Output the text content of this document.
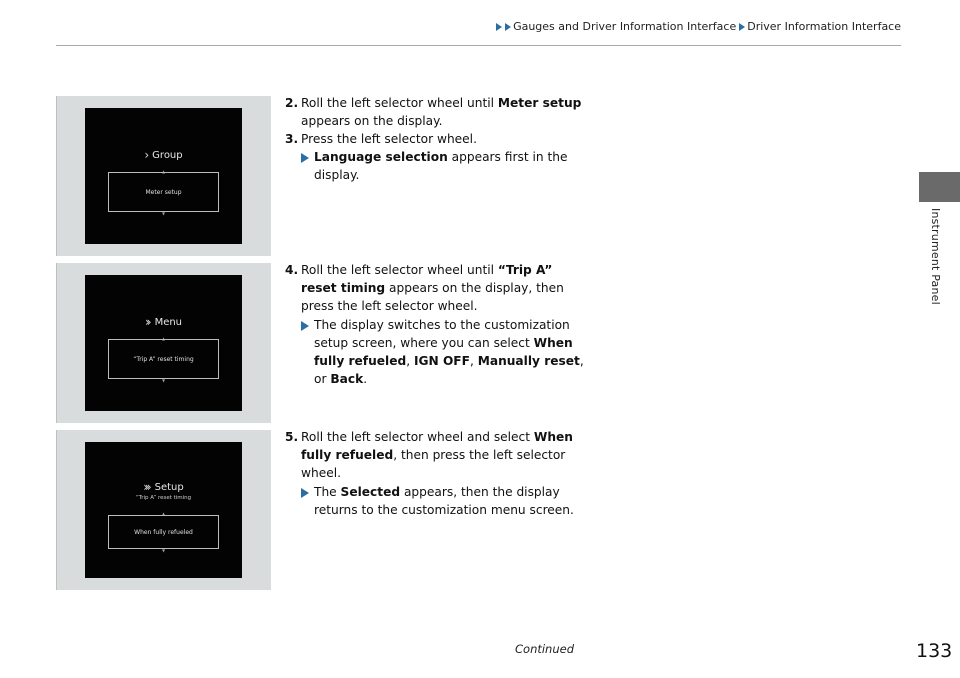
Gauges and Driver Information Interface Driver Information Interface
Instrument Panel
› Group
▲
Meter setup
▼
›› Menu
▲
“Trip A” reset timing
▼
››› Setup
“Trip A” reset timing
▲
When fully refueled
▼
2. Roll the left selector wheel until Meter setup appears on the display.
3. Press the left selector wheel.
Language selection appears first in the display.
4. Roll the left selector wheel until “Trip A” reset timing appears on the display, then press the left selector wheel.
The display switches to the customization setup screen, where you can select When fully refueled, IGN OFF, Manually reset, or Back.
5. Roll the left selector wheel and select When fully refueled, then press the left selector wheel.
The Selected appears, then the display returns to the customization menu screen.
Continued	133
